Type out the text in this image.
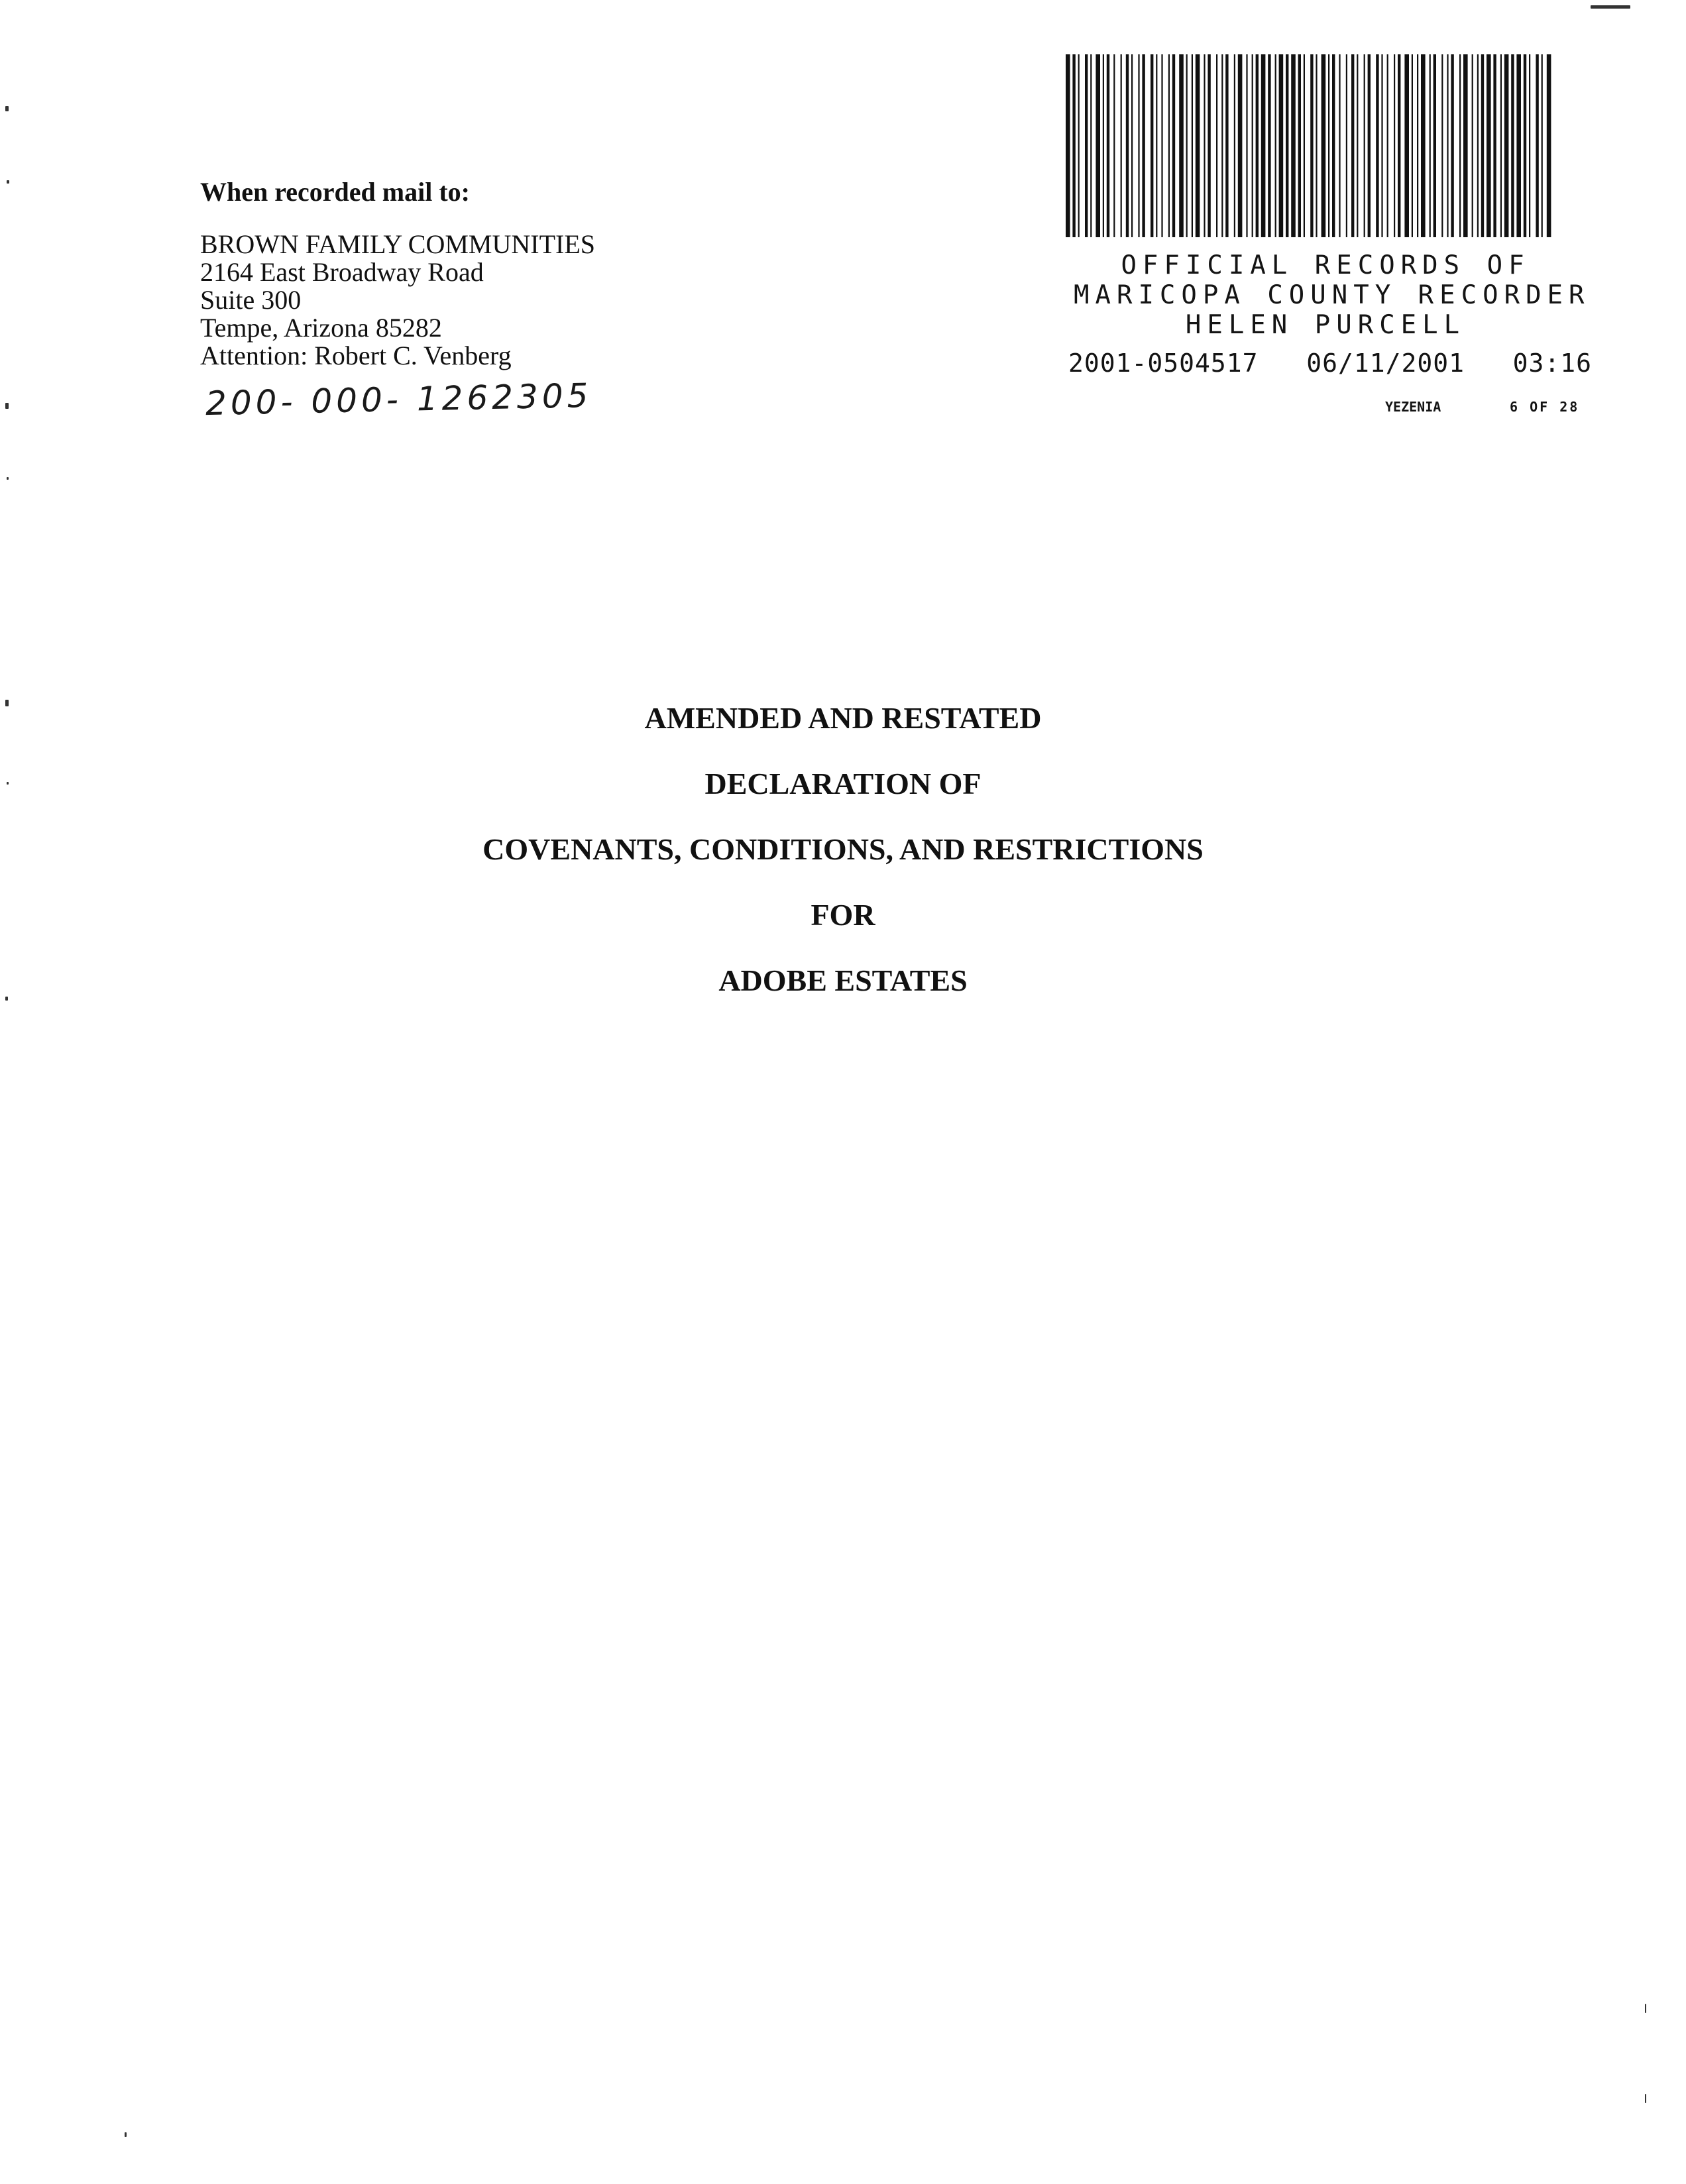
When recorded mail to:
BROWN FAMILY COMMUNITIES
2164 East Broadway Road
Suite 300
Tempe, Arizona 85282
Attention: Robert C. Venberg
200- 000- 1262305
OFFICIAL RECORDS OF
MARICOPA COUNTY RECORDER
HELEN PURCELL
2001-0504517 06/11/2001 03:16
YEZENIA	6 OF 28
AMENDED AND RESTATED
DECLARATION OF
COVENANTS, CONDITIONS, AND RESTRICTIONS
FOR
ADOBE ESTATES
